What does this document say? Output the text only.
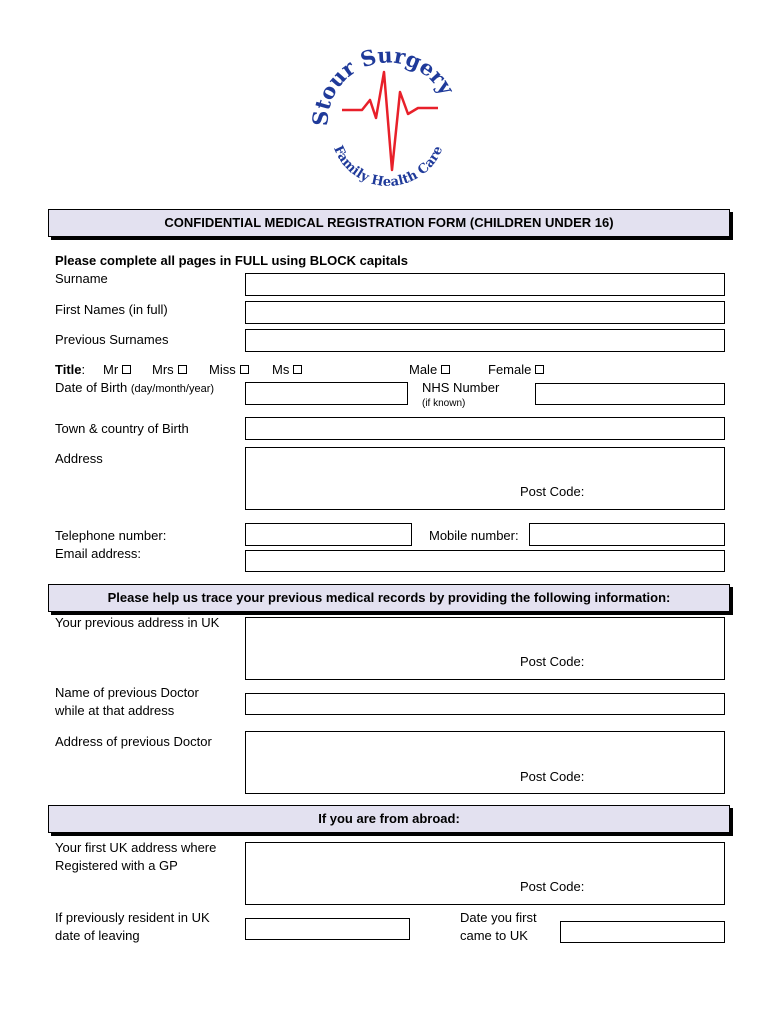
Stour Surgery
Family Health Care
CONFIDENTIAL MEDICAL REGISTRATION FORM (CHILDREN UNDER 16)
Please complete all pages in FULL using BLOCK capitals
Surname
First Names (in full)
Previous Surnames
Title: Mr	Mrs	Miss	Ms	Male	Female
Date of Birth (day/month/year)	NHS Number
(if known)
Town & country of Birth
Address
Post Code:
Telephone number:	Mobile number:
Email address:
Please help us trace your previous medical records by providing the following information:
Your previous address in UK
Post Code:
Name of previous Doctor
while at that address
Address of previous Doctor
Post Code:
If you are from abroad:
Your first UK address where
Registered with a GP
Post Code:
If previously resident in UK
date of leaving
Date you first
came to UK
